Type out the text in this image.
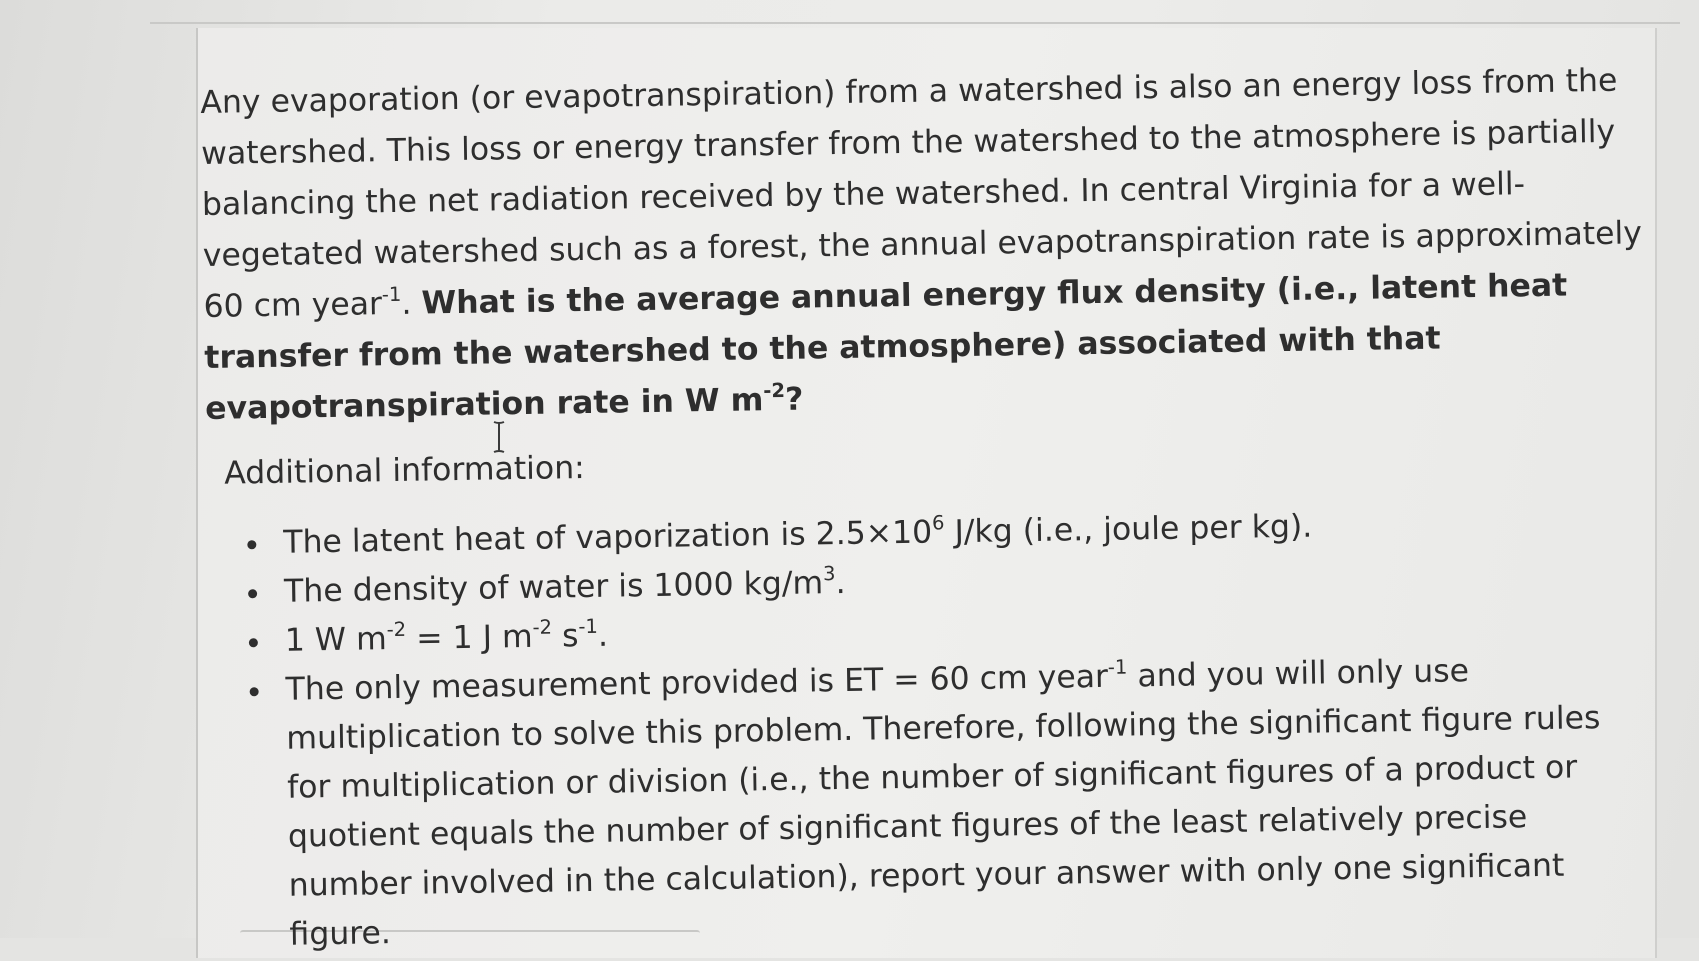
Any evaporation (or evapotranspiration) from a watershed is also an energy loss from the watershed. This loss or energy transfer from the watershed to the atmosphere is partially balancing the net radiation received by the watershed. In central Virginia for a well-vegetated watershed such as a forest, the annual evapotranspiration rate is approximately 60 cm year$^{-1}$. What is the average annual energy flux density (i.e., latent heat transfer from the watershed to the atmosphere) associated with that evapotranspiration rate in W $m^{-2}$?

Additional information:

The latent heat of vaporization is $2.5\times 10^6$ J/kg (i.e., joule per kg).
The density of water is 1000 $kg/m^3$.
1 W $m^{-2} = 1$ J $m^{-2}$ $s^{-1}$.
The only measurement provided is ET = 60 cm year$^{-1}$ and you will only use multiplication to solve this problem. Therefore, following the significant figure rules for multiplication or division (i.e., the number of significant figures of a product or quotient equals the number of significant figures of the least relatively precise number involved in the calculation), report your answer with only one significant figure.
